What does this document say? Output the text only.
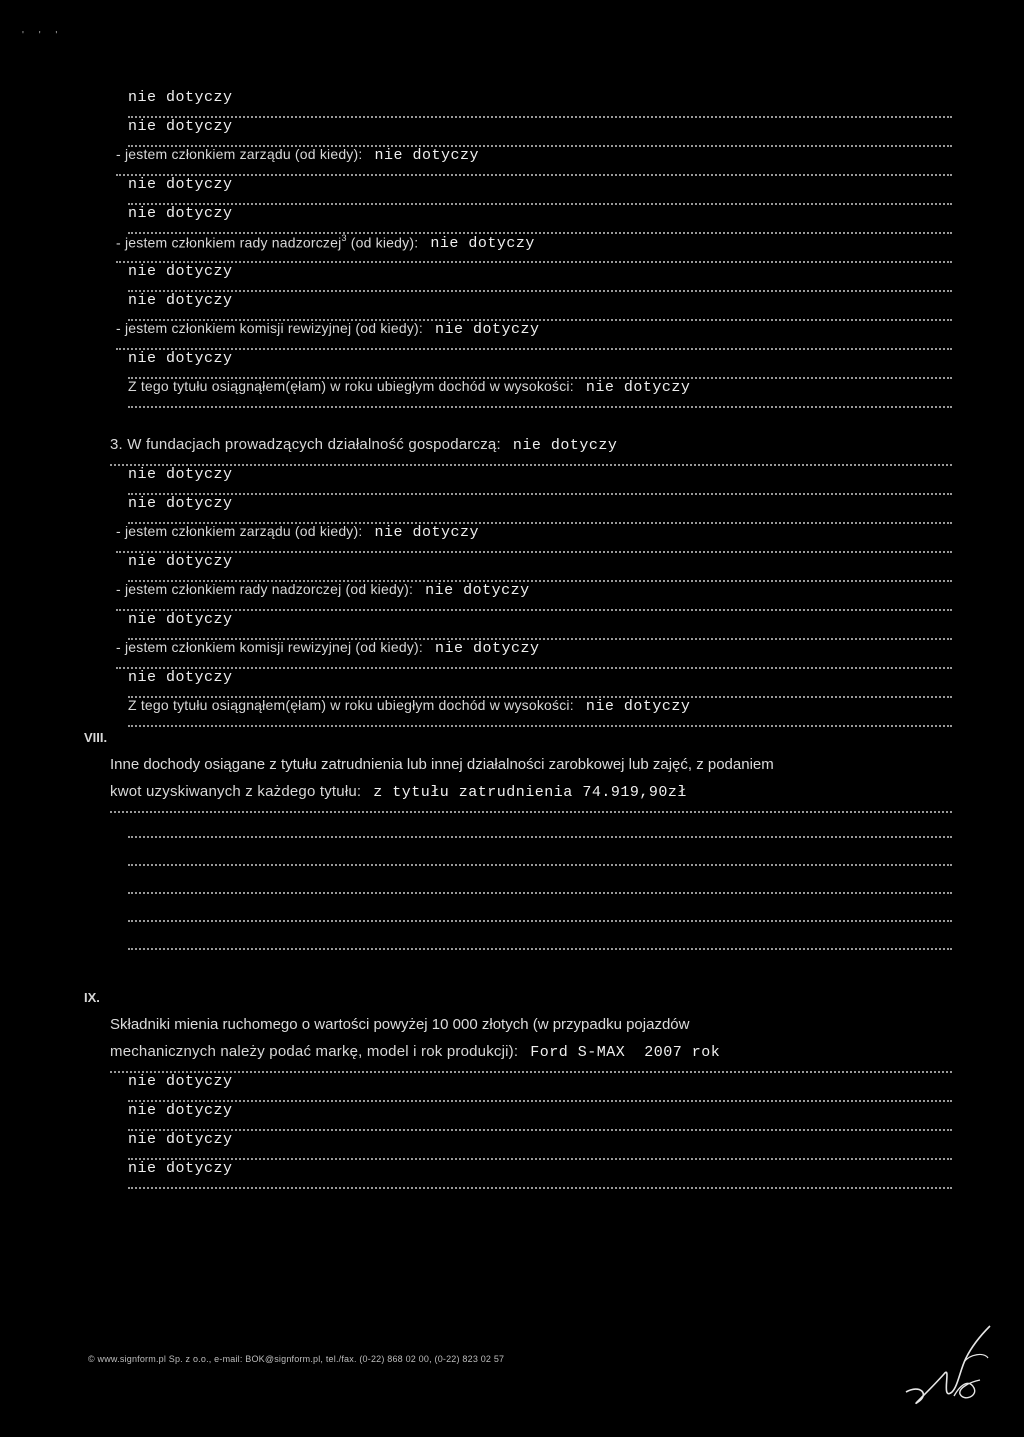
' ' '
nie dotyczy
nie dotyczy
- jestem członkiem zarządu (od kiedy): nie dotyczy
nie dotyczy
nie dotyczy
- jestem członkiem rady nadzorczej$^3$ (od kiedy): nie dotyczy
nie dotyczy
nie dotyczy
- jestem członkiem komisji rewizyjnej (od kiedy): nie dotyczy
nie dotyczy
Z tego tytułu osiągnąłem(ęłam) w roku ubiegłym dochód w wysokości: nie dotyczy
3. W fundacjach prowadzących działalność gospodarczą: nie dotyczy
nie dotyczy
nie dotyczy
- jestem członkiem zarządu (od kiedy): nie dotyczy
nie dotyczy
- jestem członkiem rady nadzorczej (od kiedy): nie dotyczy
nie dotyczy
- jestem członkiem komisji rewizyjnej (od kiedy): nie dotyczy
nie dotyczy
Z tego tytułu osiągnąłem(ęłam) w roku ubiegłym dochód w wysokości: nie dotyczy
VIII.
Inne dochody osiągane z tytułu zatrudnienia lub innej działalności zarobkowej lub zajęć, z podaniem
kwot uzyskiwanych z każdego tytułu: z tytułu zatrudnienia 74.919,90zł
IX.
Składniki mienia ruchomego o wartości powyżej 10 000 złotych (w przypadku pojazdów
mechanicznych należy podać markę, model i rok produkcji): Ford S-MAX  2007 rok
nie dotyczy
nie dotyczy
nie dotyczy
nie dotyczy
© www.signform.pl Sp. z o.o., e-mail: BOK@signform.pl, tel./fax. (0-22) 868 02 00, (0-22) 823 02 57
